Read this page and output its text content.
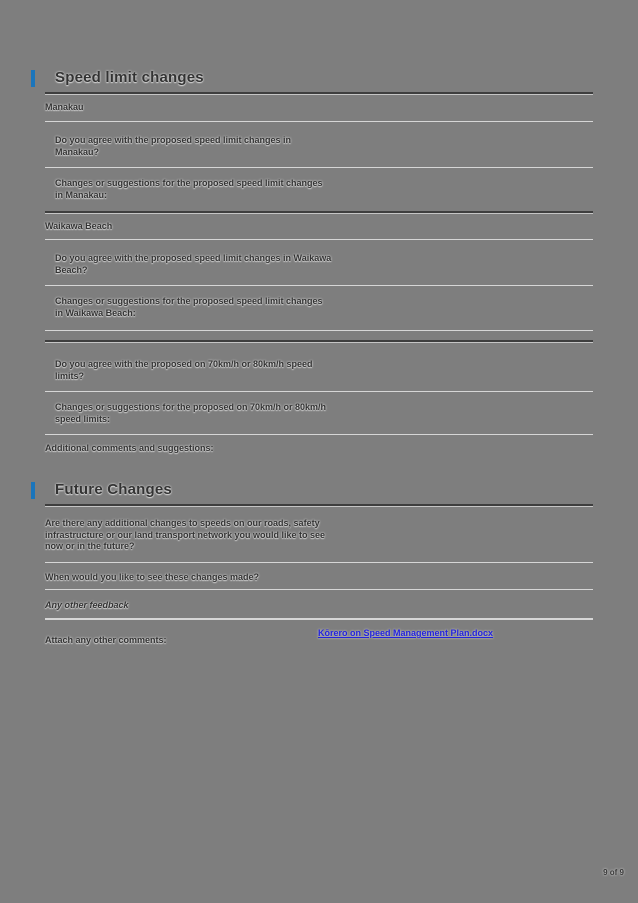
Speed limit changes
Manakau
Do you agree with the proposed speed limit changes in Manakau?
Changes or suggestions for the proposed speed limit changes in Manakau:
Waikawa Beach
Do you agree with the proposed speed limit changes in Waikawa Beach?
Changes or suggestions for the proposed speed limit changes in Waikawa Beach:
Do you agree with the proposed on 70km/h or 80km/h speed limits?
Changes or suggestions for the proposed on 70km/h or 80km/h speed limits:
Additional comments and suggestions:
Future Changes
Are there any additional changes to speeds on our roads, safety infrastructure or our land transport network you would like to see now or in the future?
When would you like to see these changes made?
Any other feedback
Attach any other comments:
Kōrero on Speed Management Plan.docx
9 of 9
